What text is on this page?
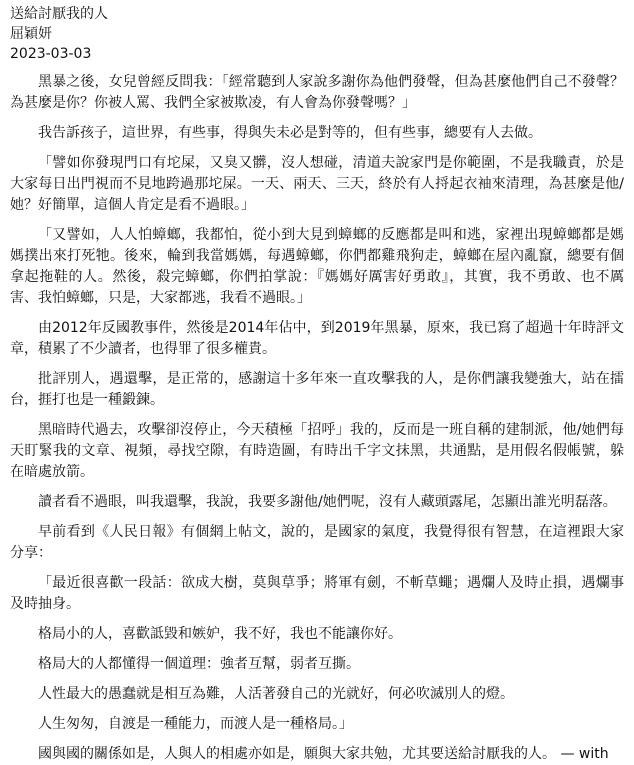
送給討厭我的人
屈穎妍
2023-03-03

黑暴之後，女兒曾經反問我：「經常聽到人家說多謝你為他們發聲，但為甚麼他們自己不發聲？為甚麼是你？你被人罵、我們全家被欺凌，有人會為你發聲嗎？」

我告訴孩子，這世界，有些事，得與失未必是對等的，但有些事，總要有人去做。

「譬如你發現門口有坨屎，又臭又髒，沒人想碰，清道夫說家門是你範圍，不是我職責，於是大家每日出門視而不見地跨過那坨屎。一天、兩天、三天，終於有人捋起衣袖來清理，為甚麼是他/她？好簡單，這個人肯定是看不過眼。」

「又譬如，人人怕蟑螂，我都怕，從小到大見到蟑螂的反應都是叫和逃，家裡出現蟑螂都是媽媽撲出來打死牠。後來，輪到我當媽媽，每遇蟑螂，你們都雞飛狗走，蟑螂在屋內亂竄，總要有個拿起拖鞋的人。然後，殺完蟑螂，你們拍掌說：『媽媽好厲害好勇敢』，其實，我不勇敢、也不厲害、我怕蟑螂，只是，大家都逃，我看不過眼。」

由2012年反國教事件，然後是2014年佔中，到2019年黑暴，原來，我已寫了超過十年時評文章，積累了不少讀者，也得罪了很多權貴。

批評別人，遇還擊，是正常的，感謝這十多年來一直攻擊我的人，是你們讓我變強大，站在擂台，捱打也是一種鍛鍊。

黑暗時代過去，攻擊卻沒停止，今天積極「招呼」我的，反而是一班自稱的建制派，他/她們每天盯緊我的文章、視頻，尋找空隙，有時造圖，有時出千字文抹黑，共通點，是用假名假帳號，躲在暗處放箭。

讀者看不過眼，叫我還擊，我說，我要多謝他/她們呢，沒有人藏頭露尾，怎顯出誰光明磊落。

早前看到《人民日報》有個網上帖文，說的，是國家的氣度，我覺得很有智慧，在這裡跟大家分享：

「最近很喜歡一段話：欲成大樹，莫與草爭；將軍有劍，不斬草蠅；遇爛人及時止損，遇爛事及時抽身。

格局小的人，喜歡詆毀和嫉妒，我不好，我也不能讓你好。

格局大的人都懂得一個道理：強者互幫，弱者互撕。

人性最大的愚蠢就是相互為難，人活著發自己的光就好，何必吹滅別人的燈。

人生匆匆，自渡是一種能力，而渡人是一種格局。」

國與國的關係如是，人與人的相處亦如是，願與大家共勉，尤其要送給討厭我的人。 — with
